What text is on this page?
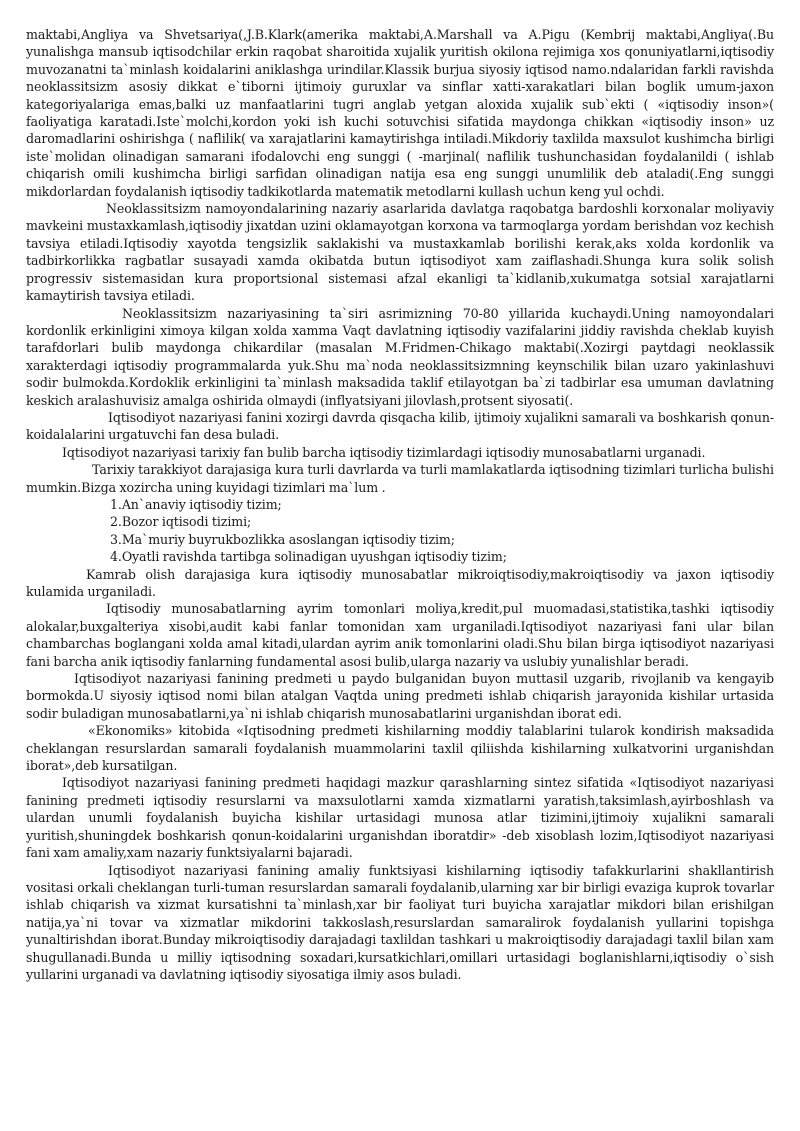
maktabi,Angliya va Shvetsariya(,J.B.Klark(amerika maktabi,A.Marshall va A.Pigu (Kembrij maktabi,Angliya(.Bu yunalishga mansub iqtisodchilar erkin raqobat sharoitida xujalik yuritish okilona rejimiga xos qonuniyatlarni,iqtisodiy muvozanatni ta`minlash koidalarini aniklashga urindilar.Klassik burjua siyosiy iqtisod namo.ndalaridan farkli ravishda neoklassitsizm asosiy dikkat e`tiborni ijtimoiy guruxlar va sinflar xatti-xarakatlari bilan boglik umum-jaxon kategoriyalariga emas,balki uz manfaatlarini tugri anglab yetgan aloxida xujalik sub`ekti ( «iqtisodiy inson»( faoliyatiga karatadi.Iste`molchi,kordon yoki ish kuchi sotuvchisi sifatida maydonga chikkan «iqtisodiy inson» uz daromadlarini oshirishga ( naflilik( va xarajatlarini kamaytirishga intiladi.Mikdoriy taxlilda maxsulot kushimcha birligi iste`molidan olinadigan samarani ifodalovchi eng sunggi ( -marjinal( naflilik tushunchasidan foydalanildi ( ishlab chiqarish omili kushimcha birligi sarfidan olinadigan natija esa eng sunggi unumlilik deb ataladi(.Eng sunggi mikdorlardan foydalanish iqtisodiy tadkikotlarda matematik metodlarni kullash uchun keng yul ochdi.

Neoklassitsizm namoyondalarining nazariy asarlarida davlatga raqobatga bardoshli korxonalar moliyaviy mavkeini mustaxkamlash,iqtisodiy jixatdan uzini oklamayotgan korxona va tarmoqlarga yordam berishdan voz kechish tavsiya etiladi.Iqtisodiy xayotda tengsizlik saklakishi va mustaxkamlab borilishi kerak,aks xolda kordonlik va tadbirkorlikka ragbatlar susayadi xamda okibatda butun iqtisodiyot xam zaiflashadi.Shunga kura solik solish progressiv sistemasidan kura proportsional sistemasi afzal ekanligi ta`kidlanib,xukumatga sotsial xarajatlarni kamaytirish tavsiya etiladi.

Neoklassitsizm nazariyasining ta`siri asrimizning 70-80 yillarida kuchaydi.Uning namoyondalari kordonlik erkinligini ximoya kilgan xolda xamma Vaqt davlatning iqtisodiy vazifalarini jiddiy ravishda cheklab kuyish tarafdorlari bulib maydonga chikardilar (masalan M.Fridmen-Chikago maktabi(.Xozirgi paytdagi neoklassik xarakterdagi iqtisodiy programmalarda yuk.Shu ma`noda neoklassitsizmning keynschilik bilan uzaro yakinlashuvi sodir bulmokda.Kordoklik erkinligini ta`minlash maksadida taklif etilayotgan ba`zi tadbirlar esa umuman davlatning keskich aralashuvisiz amalga oshirida olmaydi (inflyatsiyani jilovlash,protsent siyosati(.

Iqtisodiyot nazariyasi fanini xozirgi davrda qisqacha kilib, ijtimoiy xujalikni samarali va boshkarish qonun-koidalalarini urgatuvchi fan desa buladi.

Iqtisodiyot nazariyasi tarixiy fan bulib barcha iqtisodiy tizimlardagi iqtisodiy munosabatlarni urganadi.

Tarixiy tarakkiyot darajasiga kura turli davrlarda va turli mamlakatlarda iqtisodning tizimlari turlicha bulishi mumkin.Bizga xozircha uning kuyidagi tizimlari ma`lum .

1.An`anaviy iqtisodiy tizim;
2.Bozor iqtisodi tizimi;
3.Ma`muriy buyrukbozlikka asoslangan iqtisodiy tizim;
4.Oyatli ravishda tartibga solinadigan uyushgan iqtisodiy tizim;

Kamrab olish darajasiga kura iqtisodiy munosabatlar mikroiqtisodiy,makroiqtisodiy va jaxon iqtisodiy kulamida urganiladi.

Iqtisodiy munosabatlarning ayrim tomonlari moliya,kredit,pul muomadasi,statistika,tashki iqtisodiy alokalar,buxgalteriya xisobi,audit kabi fanlar tomonidan xam urganiladi.Iqtisodiyot nazariyasi fani ular bilan chambarchas boglangani xolda amal kitadi,ulardan ayrim anik tomonlarini oladi.Shu bilan birga iqtisodiyot nazariyasi fani barcha anik iqtisodiy fanlarning fundamental asosi bulib,ularga nazariy va uslubiy yunalishlar beradi.

Iqtisodiyot nazariyasi fanining predmeti u paydo bulganidan buyon muttasil uzgarib, rivojlanib va kengayib bormokda.U siyosiy iqtisod nomi bilan atalgan Vaqtda uning predmeti ishlab chiqarish jarayonida kishilar urtasida sodir buladigan munosabatlarni,ya`ni ishlab chiqarish munosabatlarini urganishdan iborat edi.

«Ekonomiks» kitobida «Iqtisodning predmeti kishilarning moddiy talablarini tularok kondirish maksadida cheklangan resurslardan samarali foydalanish muammolarini taxlil qiliishda kishilarning xulkatvorini urganishdan iborat»,deb kursatilgan.

Iqtisodiyot nazariyasi fanining predmeti haqidagi mazkur qarashlarning sintez sifatida «Iqtisodiyot nazariyasi fanining predmeti iqtisodiy resurslarni va maxsulotlarni xamda xizmatlarni yaratish,taksimlash,ayirboshlash va ulardan unumli foydalanish buyicha kishilar urtasidagi munosa atlar tizimini,ijtimoiy xujalikni samarali yuritish,shuningdek boshkarish qonun-koidalarini urganishdan iboratdir» -deb xisoblash lozim,Iqtisodiyot nazariyasi fani xam amaliy,xam nazariy funktsiyalarni bajaradi.

Iqtisodiyot nazariyasi fanining amaliy funktsiyasi kishilarning iqtisodiy tafakkurlarini shakllantirish vositasi orkali cheklangan turli-tuman resurslardan samarali foydalanib,ularning xar bir birligi evaziga kuprok tovarlar ishlab chiqarish va xizmat kursatishni ta`minlash,xar bir faoliyat turi buyicha xarajatlar mikdori bilan erishilgan natija,ya`ni tovar va xizmatlar mikdorini takkoslash,resurslardan samaralirok foydalanish yullarini topishga yunaltirishdan iborat.Bunday mikroiqtisodiy darajadagi taxlildan tashkari u makroiqtisodiy darajadagi taxlil bilan xam shugullanadi.Bunda u milliy iqtisodning soxadari,kursatkichlari,omillari urtasidagi boglanishlarni,iqtisodiy o`sish yullarini urganadi va davlatning iqtisodiy siyosatiga ilmiy asos buladi.
